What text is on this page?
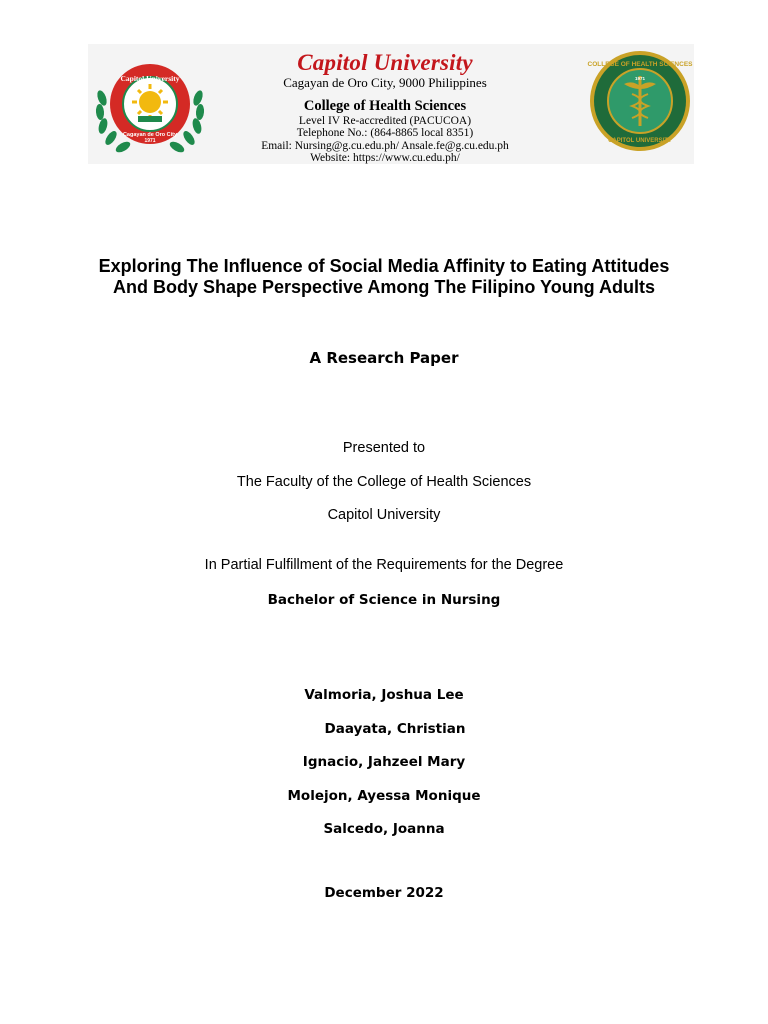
Capitol University
Cagayan de Oro City
1971
Capitol University
Cagayan de Oro City, 9000 Philippines
College of Health Sciences
Level IV Re-accredited (PACUCOA)
Telephone No.: (864-8865 local 8351)
Email: Nursing@g.cu.edu.ph/ Ansale.fe@g.cu.edu.ph
Website: https://www.cu.edu.ph/
COLLEGE OF HEALTH SCIENCES
CAPITOL UNIVERSITY
1971
Exploring The Influence of Social Media Affinity to Eating Attitudes And Body Shape Perspective Among The Filipino Young Adults
A Research Paper
Presented to
The Faculty of the College of Health Sciences
Capitol University
In Partial Fulfillment of the Requirements for the Degree
Bachelor of Science in Nursing
Valmoria, Joshua Lee
Daayata, Christian
Ignacio, Jahzeel Mary
Molejon, Ayessa Monique
Salcedo, Joanna
December 2022
